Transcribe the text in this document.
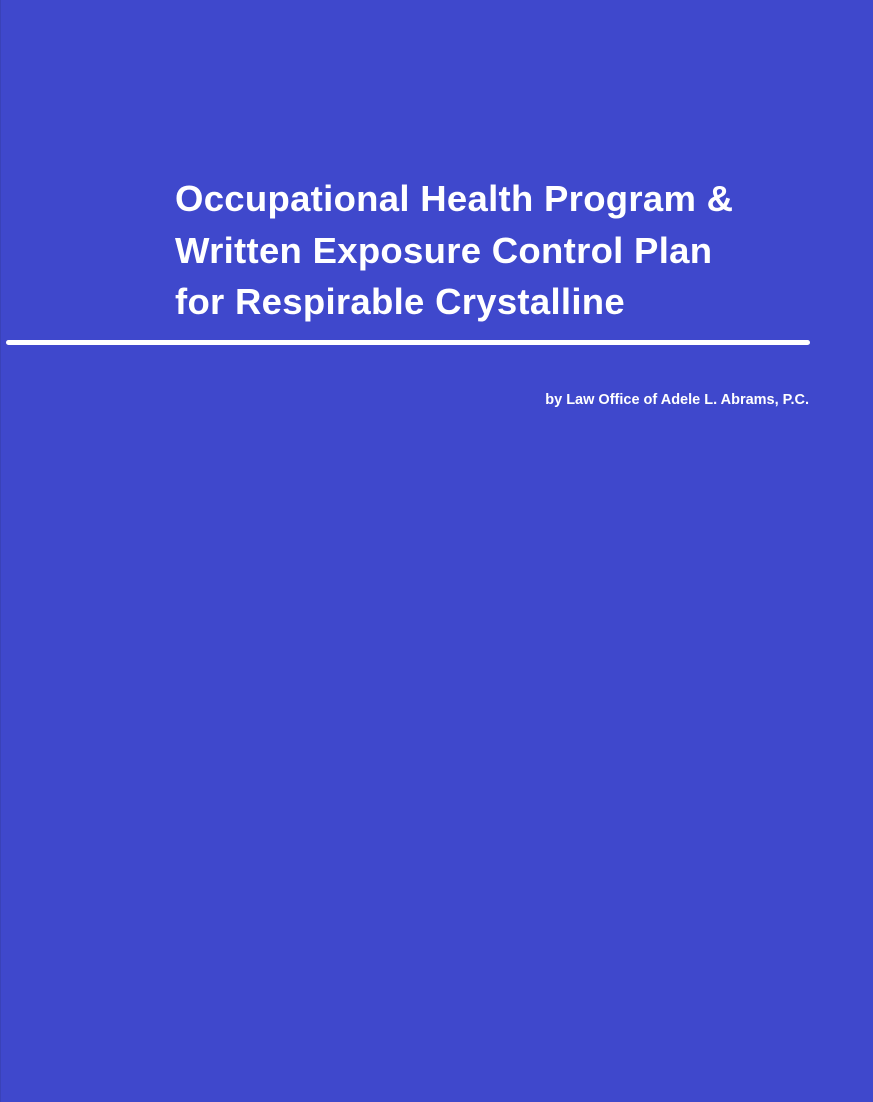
Occupational Health Program &
Written Exposure Control Plan
for Respirable Crystalline

by Law Office of Adele L. Abrams, P.C.
